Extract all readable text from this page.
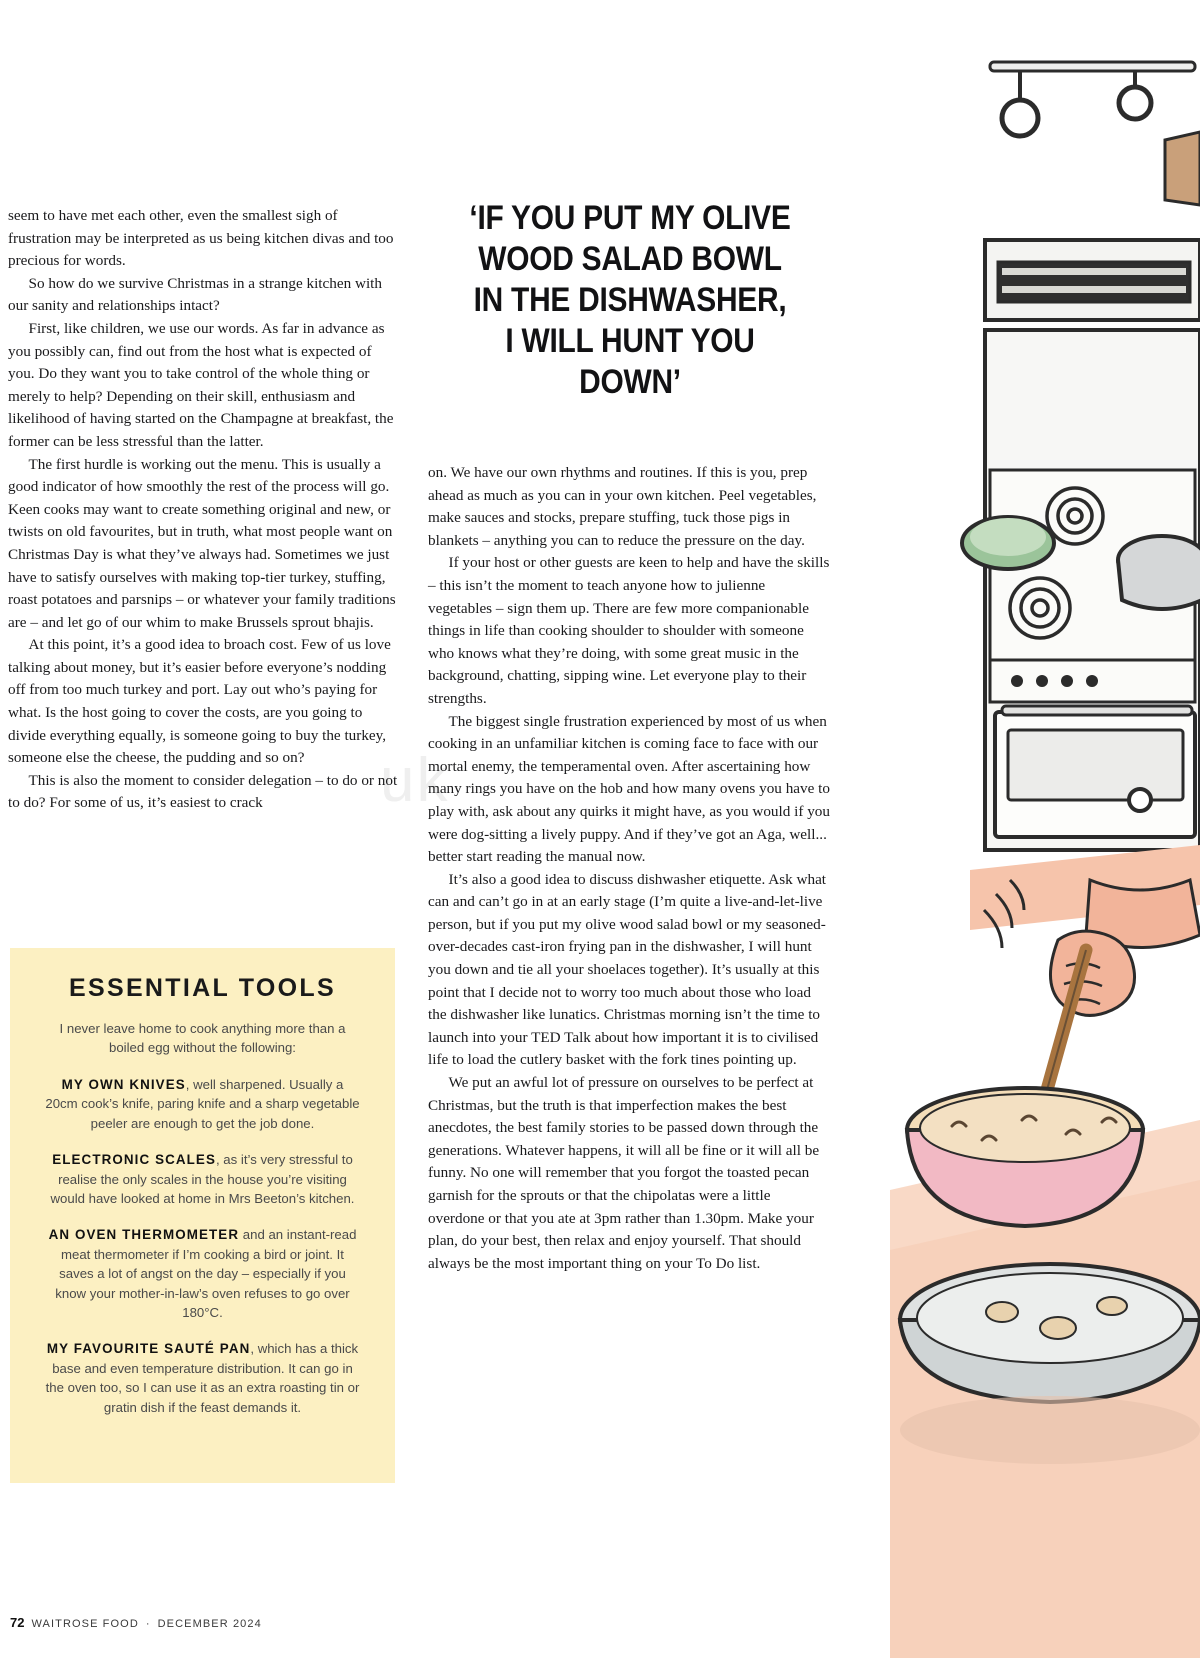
uk
‘IF YOU PUT MY OLIVE
WOOD SALAD BOWL
IN THE DISHWASHER,
I WILL HUNT YOU DOWN’

seem to have met each other, even the smallest sigh of frustration may be interpreted as us being kitchen divas and too precious for words.

So how do we survive Christmas in a strange kitchen with our sanity and relationships intact?

First, like children, we use our words. As far in advance as you possibly can, find out from the host what is expected of you. Do they want you to take control of the whole thing or merely to help? Depending on their skill, enthusiasm and likelihood of having started on the Champagne at breakfast, the former can be less stressful than the latter.

The first hurdle is working out the menu. This is usually a good indicator of how smoothly the rest of the process will go. Keen cooks may want to create something original and new, or twists on old favourites, but in truth, what most people want on Christmas Day is what they’ve always had. Sometimes we just have to satisfy ourselves with making top-tier turkey, stuffing, roast potatoes and parsnips – or whatever your family traditions are – and let go of our whim to make Brussels sprout bhajis.

At this point, it’s a good idea to broach cost. Few of us love talking about money, but it’s easier before everyone’s nodding off from too much turkey and port. Lay out who’s paying for what. Is the host going to cover the costs, are you going to divide everything equally, is someone going to buy the turkey, someone else the cheese, the pudding and so on?

This is also the moment to consider delegation – to do or not to do? For some of us, it’s easiest to crack

on. We have our own rhythms and routines. If this is you, prep ahead as much as you can in your own kitchen. Peel vegetables, make sauces and stocks, prepare stuffing, tuck those pigs in blankets – anything you can to reduce the pressure on the day.

If your host or other guests are keen to help and have the skills – this isn’t the moment to teach anyone how to julienne vegetables – sign them up. There are few more companionable things in life than cooking shoulder to shoulder with someone who knows what they’re doing, with some great music in the background, chatting, sipping wine. Let everyone play to their strengths.

The biggest single frustration experienced by most of us when cooking in an unfamiliar kitchen is coming face to face with our mortal enemy, the temperamental oven. After ascertaining how many rings you have on the hob and how many ovens you have to play with, ask about any quirks it might have, as you would if you were dog-sitting a lively puppy. And if they’ve got an Aga, well... better start reading the manual now.

It’s also a good idea to discuss dishwasher etiquette. Ask what can and can’t go in at an early stage (I’m quite a live-and-let-live person, but if you put my olive wood salad bowl or my seasoned-over-decades cast-iron frying pan in the dishwasher, I will hunt you down and tie all your shoelaces together). It’s usually at this point that I decide not to worry too much about those who load the dishwasher like lunatics. Christmas morning isn’t the time to launch into your TED Talk about how important it is to civilised life to load the cutlery basket with the fork tines pointing up.

We put an awful lot of pressure on ourselves to be perfect at Christmas, but the truth is that imperfection makes the best anecdotes, the best family stories to be passed down through the generations. Whatever happens, it will all be fine or it will all be funny. No one will remember that you forgot the toasted pecan garnish for the sprouts or that the chipolatas were a little overdone or that you ate at 3pm rather than 1.30pm. Make your plan, do your best, then relax and enjoy yourself. That should always be the most important thing on your To Do list.

ESSENTIAL TOOLS
I never leave home to cook anything more than a boiled egg without the following:
MY OWN KNIVES, well sharpened. Usually a 20cm cook’s knife, paring knife and a sharp vegetable peeler are enough to get the job done.
ELECTRONIC SCALES, as it’s very stressful to realise the only scales in the house you’re visiting would have looked at home in Mrs Beeton’s kitchen.
AN OVEN THERMOMETER and an instant-read meat thermometer if I’m cooking a bird or joint. It saves a lot of angst on the day – especially if you know your mother-in-law’s oven refuses to go over 180°C.
MY FAVOURITE SAUTÉ PAN, which has a thick base and even temperature distribution. It can go in the oven too, so I can use it as an extra roasting tin or gratin dish if the feast demands it.
72 WAITROSE FOOD · DECEMBER 2024
